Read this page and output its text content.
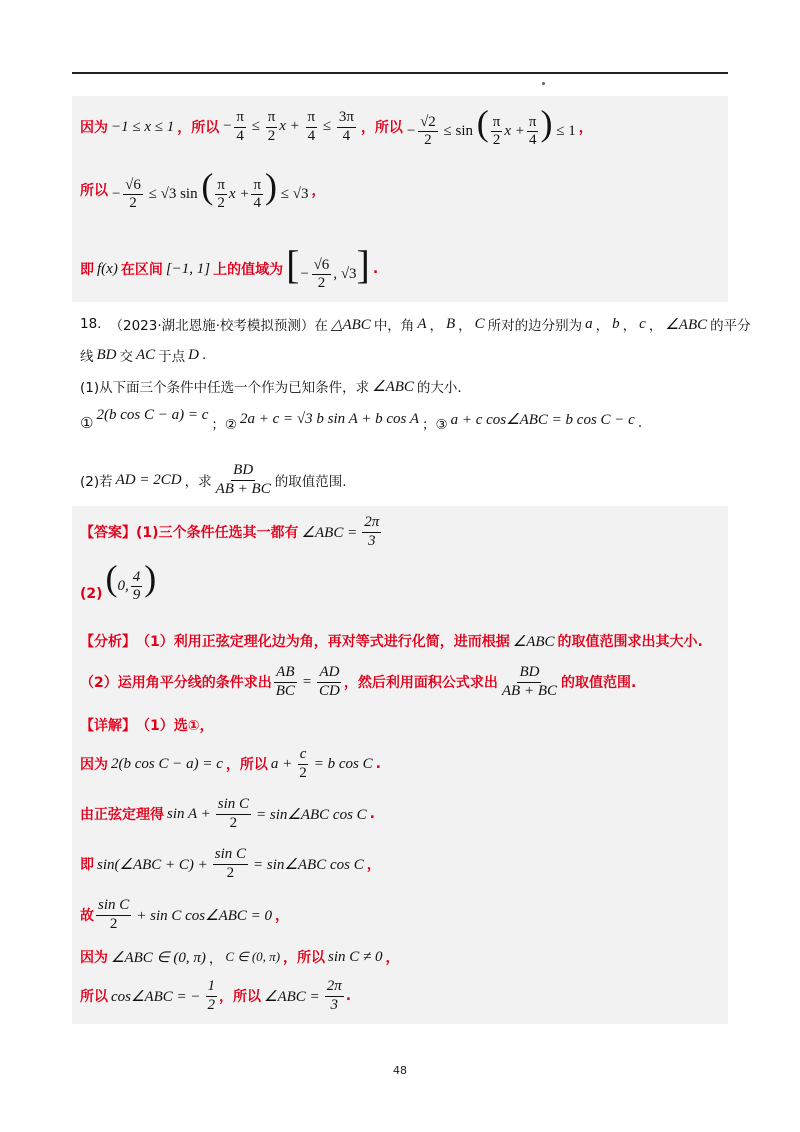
因为 −1 ≤ x ≤ 1 ，所以 − $\frac{\pi}{4} \le \frac{\pi}{2}$ $x + \frac{\pi}{4} \le \frac{3\pi}{4}$ ，所以 − $\frac{√2}{2} \le \sin$ ( $\frac{\pi}{2}$ $x + \frac{\pi}{4}$ ) ≤ 1 ，
所以 − $\frac{√6}{2} \le √3$ sin ( $\frac{\pi}{2}$ $x + \frac{\pi}{4}$ ) ≤ √3 ，
即 f(x) 在区间 [−1, 1] 上的值域为 [− $\frac{√6}{2}$ , √3] .
18. （2023·湖北恩施·校考模拟预测）在 △ABC 中，角 A ， B ， C 所对的边分别为 a ， b ， c ， ∠ABC 的平分
线 BD 交 AC 于点 D .
(1)从下面三个条件中任选一个作为已知条件，求 ∠ABC 的大小.
① 2(b cos C − a) = c
；② 2a + c = √3 b sin A + b cos A ；③ a + c cos∠ABC = b cos C − c .
(2)若 AD = 2CD ，求 $\frac{BD}{AB + BC}$ 的取值范围.
【答案】 (1)三个条件任选其一都有 ∠ABC = $\frac{2\pi}{3}$
(2) (0, $\frac{4}{9}$ )
【分析】 （1）利用正弦定理化边为角，再对等式进行化简，进而根据 ∠ABC 的取值范围求出其大小.
（2）运用角平分线的条件求出 $\frac{AB}{BC} = \frac{AD}{CD}$ ，然后利用面积公式求出 $\frac{BD}{AB + BC}$ 的取值范围.
【详解】 （1）选①，
因为 2(b cos C − a) = c ，所以 $a + \frac{c}{2} = b$ cos C .
由正弦定理得 $\sin A + \frac{\text{sin C}}{2}$ = sin∠ABC cos C .
即 sin(∠ABC + $C) + \frac{\text{sin C}}{2}$ = sin∠ABC cos C ，
故 $\frac{\text{sin C}}{2} + \sin C$ cos∠ABC = 0 ，
因为 ∠ABC ∈ (0, π) ， C ∈ (0, π) ，所以 sin C ≠ 0 ，
所以 cos∠ABC = − $\frac{1}{2}$ ，所以 ∠ABC = $\frac{2\pi}{3}$ .
48
